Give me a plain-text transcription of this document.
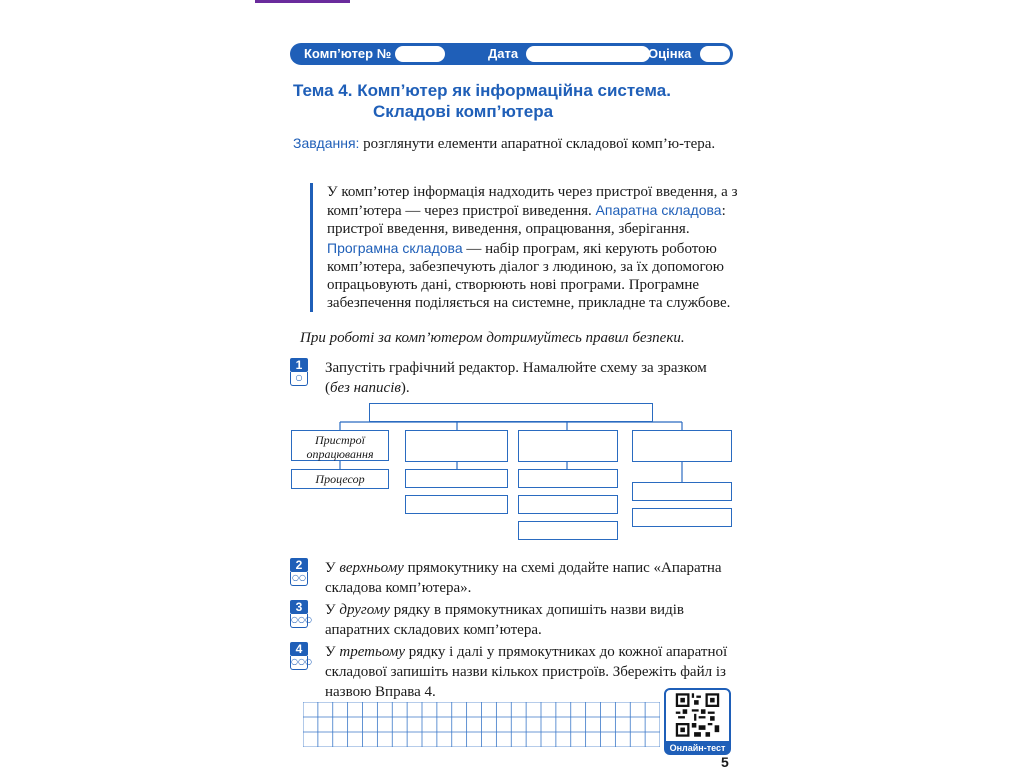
Комп’ютер №	Дата	Оцінка
Тема 4. Комп’ютер як інформаційна система.
Складові комп’ютера
Завдання: розглянути елементи апаратної складової комп’ю-тера.
У комп’ютер інформація надходить через пристрої введення, а з комп’ютера — через пристрої виведення. Апаратна складова: пристрої введення, виведення, опрацювання, зберігання. Програмна складова — набір програм, які керують роботою комп’ютера, забезпечують діалог з людиною, за їх допомогою опрацьовують дані, створюють нові програми. Програмне забезпечення поділяється на системне, прикладне та службове.
При роботі за комп’ютером дотримуйтесь правил безпеки.
1
○
Запустіть графічний редактор. Намалюйте схему за зразком (без написів).
Пристрої опрацювання
Процесор
2
○○
У верхньому прямокутнику на схемі додайте напис «Апаратна складова комп’ютера».
3
○○○
У другому рядку в прямокутниках допишіть назви видів апаратних складових комп’ютера.
4
○○○
У третьому рядку і далі у прямокутниках до кожної апаратної складової запишіть назви кількох пристроїв. Збережіть файл із назвою Вправа 4.
Онлайн-тест
5
